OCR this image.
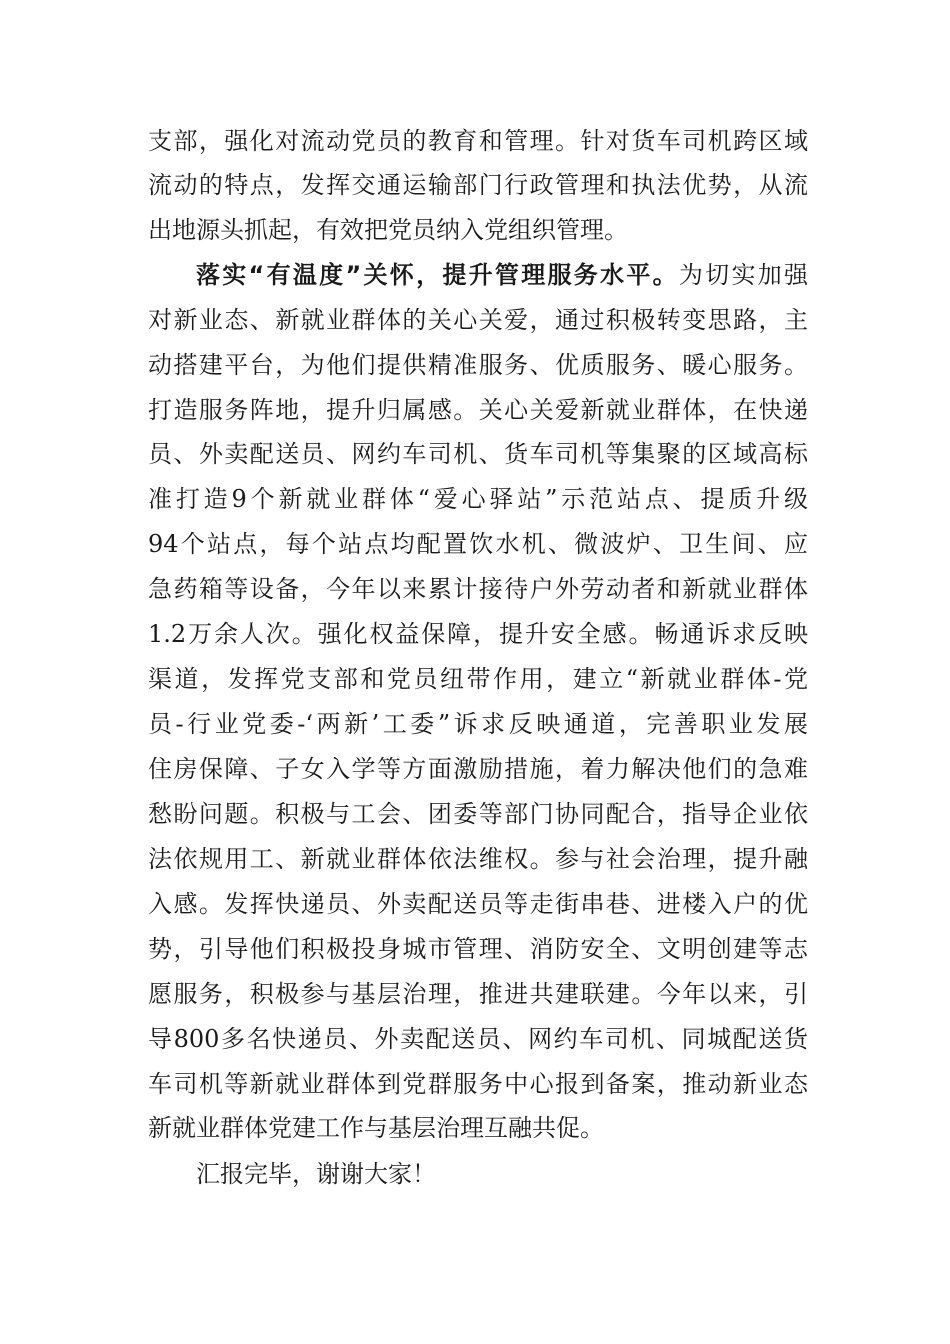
支部，强化对流动党员的教育和管理。针对货车司机跨区域
流动的特点，发挥交通运输部门行政管理和执法优势，从流
出地源头抓起，有效把党员纳入党组织管理。
落实“有温度”关怀，提升管理服务水平。为切实加强
对新业态、新就业群体的关心关爱，通过积极转变思路，主
动搭建平台，为他们提供精准服务、优质服务、暖心服务。
打造服务阵地，提升归属感。关心关爱新就业群体，在快递
员、外卖配送员、网约车司机、货车司机等集聚的区域高标
准打造9个新就业群体“爱心驿站”示范站点、提质升级
94个站点，每个站点均配置饮水机、微波炉、卫生间、应
急药箱等设备，今年以来累计接待户外劳动者和新就业群体
1.2万余人次。强化权益保障，提升安全感。畅通诉求反映
渠道，发挥党支部和党员纽带作用，建立“新就业群体-党
员-行业党委-‘两新’工委”诉求反映通道，完善职业发展
住房保障、子女入学等方面激励措施，着力解决他们的急难
愁盼问题。积极与工会、团委等部门协同配合，指导企业依
法依规用工、新就业群体依法维权。参与社会治理，提升融
入感。发挥快递员、外卖配送员等走街串巷、进楼入户的优
势，引导他们积极投身城市管理、消防安全、文明创建等志
愿服务，积极参与基层治理，推进共建联建。今年以来，引
导800多名快递员、外卖配送员、网约车司机、同城配送货
车司机等新就业群体到党群服务中心报到备案，推动新业态
新就业群体党建工作与基层治理互融共促。
汇报完毕，谢谢大家！
